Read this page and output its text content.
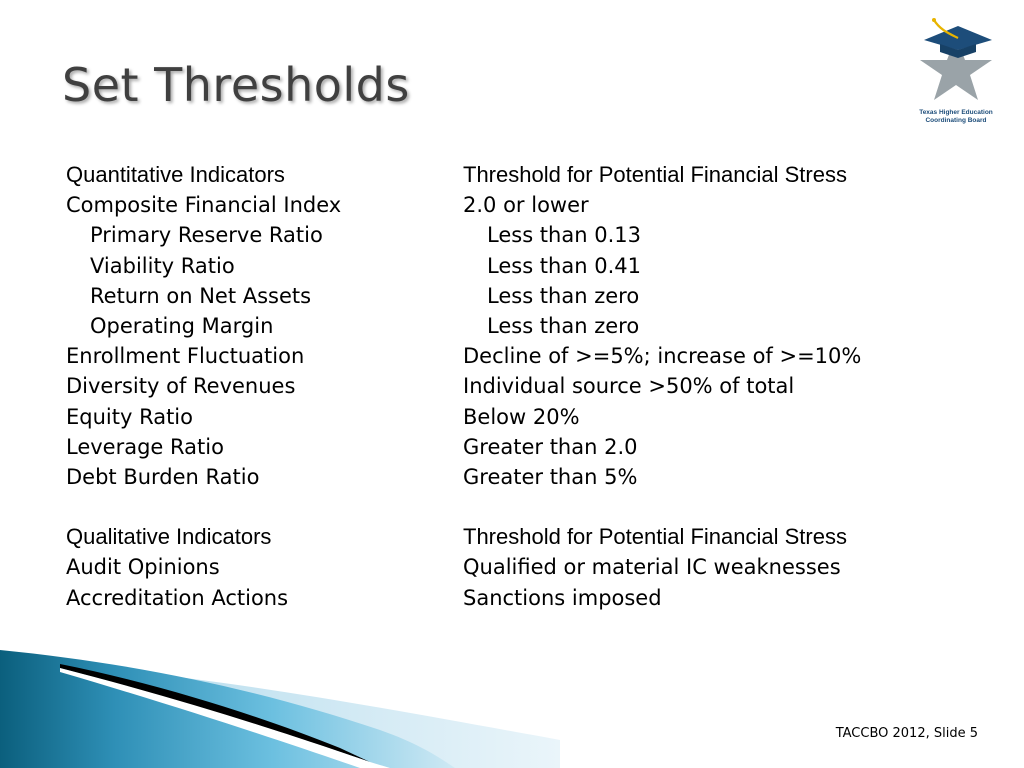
Set Thresholds
Texas Higher Education
Coordinating Board
Quantitative Indicators	Threshold for Potential Financial Stress
Composite Financial Index	2.0 or lower
Primary Reserve Ratio	Less than 0.13
Viability Ratio	Less than 0.41
Return on Net Assets	Less than zero
Operating Margin	Less than zero
Enrollment Fluctuation	Decline of >=5%; increase of >=10%
Diversity of Revenues	Individual source >50% of total
Equity Ratio	Below 20%
Leverage Ratio	Greater than 2.0
Debt Burden Ratio	Greater than 5%
Qualitative Indicators	Threshold for Potential Financial Stress
Audit Opinions	Qualified or material IC weaknesses
Accreditation Actions	Sanctions imposed
TACCBO 2012, Slide 5
